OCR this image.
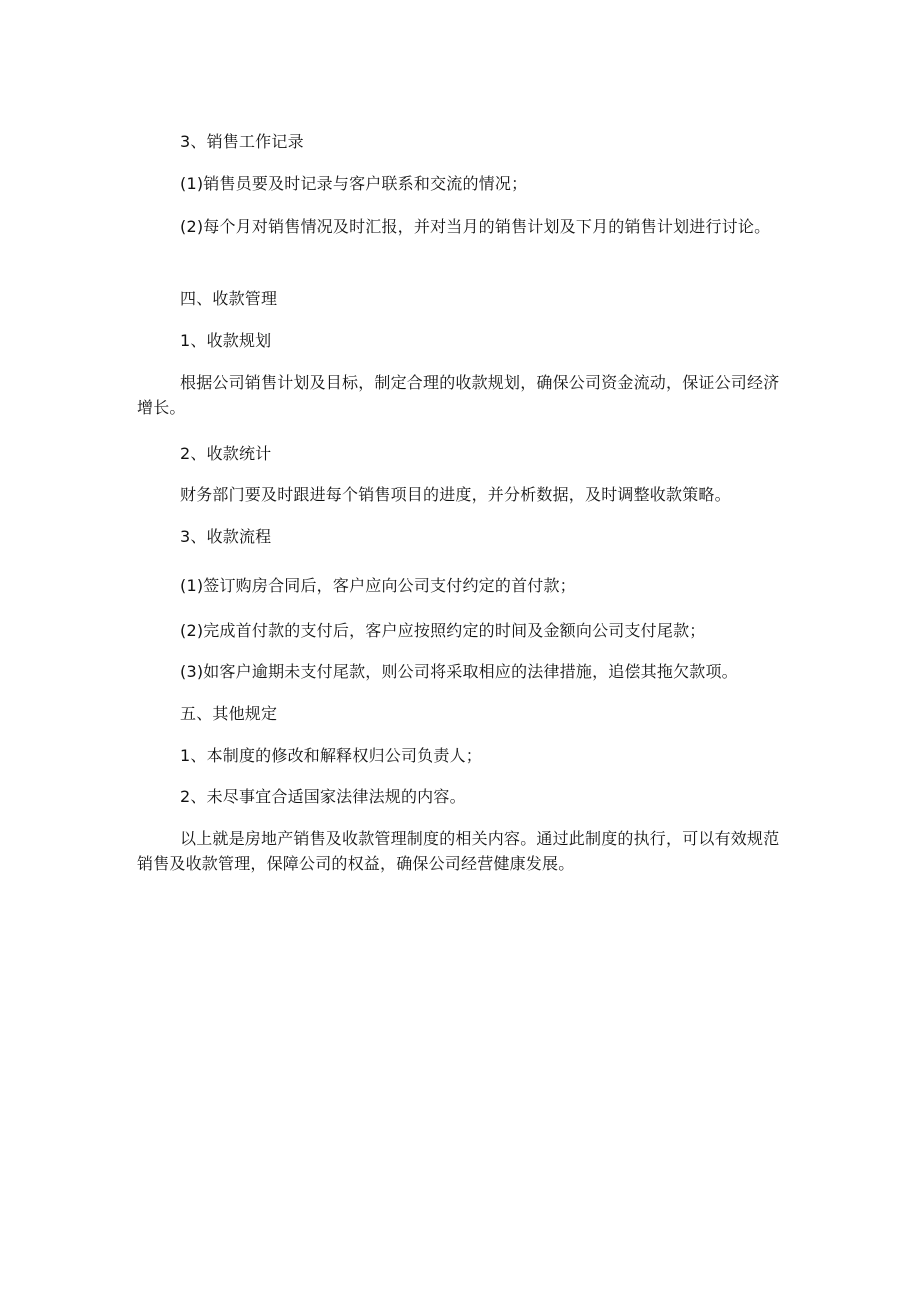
3、销售工作记录

(1)销售员要及时记录与客户联系和交流的情况；

(2)每个月对销售情况及时汇报，并对当月的销售计划及下月的销售计划进行讨论。

四、收款管理

1、收款规划

根据公司销售计划及目标，制定合理的收款规划，确保公司资金流动，保证公司经济增长。

2、收款统计

财务部门要及时跟进每个销售项目的进度，并分析数据，及时调整收款策略。

3、收款流程

(1)签订购房合同后，客户应向公司支付约定的首付款；

(2)完成首付款的支付后，客户应按照约定的时间及金额向公司支付尾款；

(3)如客户逾期未支付尾款，则公司将采取相应的法律措施，追偿其拖欠款项。

五、其他规定

1、本制度的修改和解释权归公司负责人；

2、未尽事宜合适国家法律法规的内容。

以上就是房地产销售及收款管理制度的相关内容。通过此制度的执行，可以有效规范销售及收款管理，保障公司的权益，确保公司经营健康发展。
